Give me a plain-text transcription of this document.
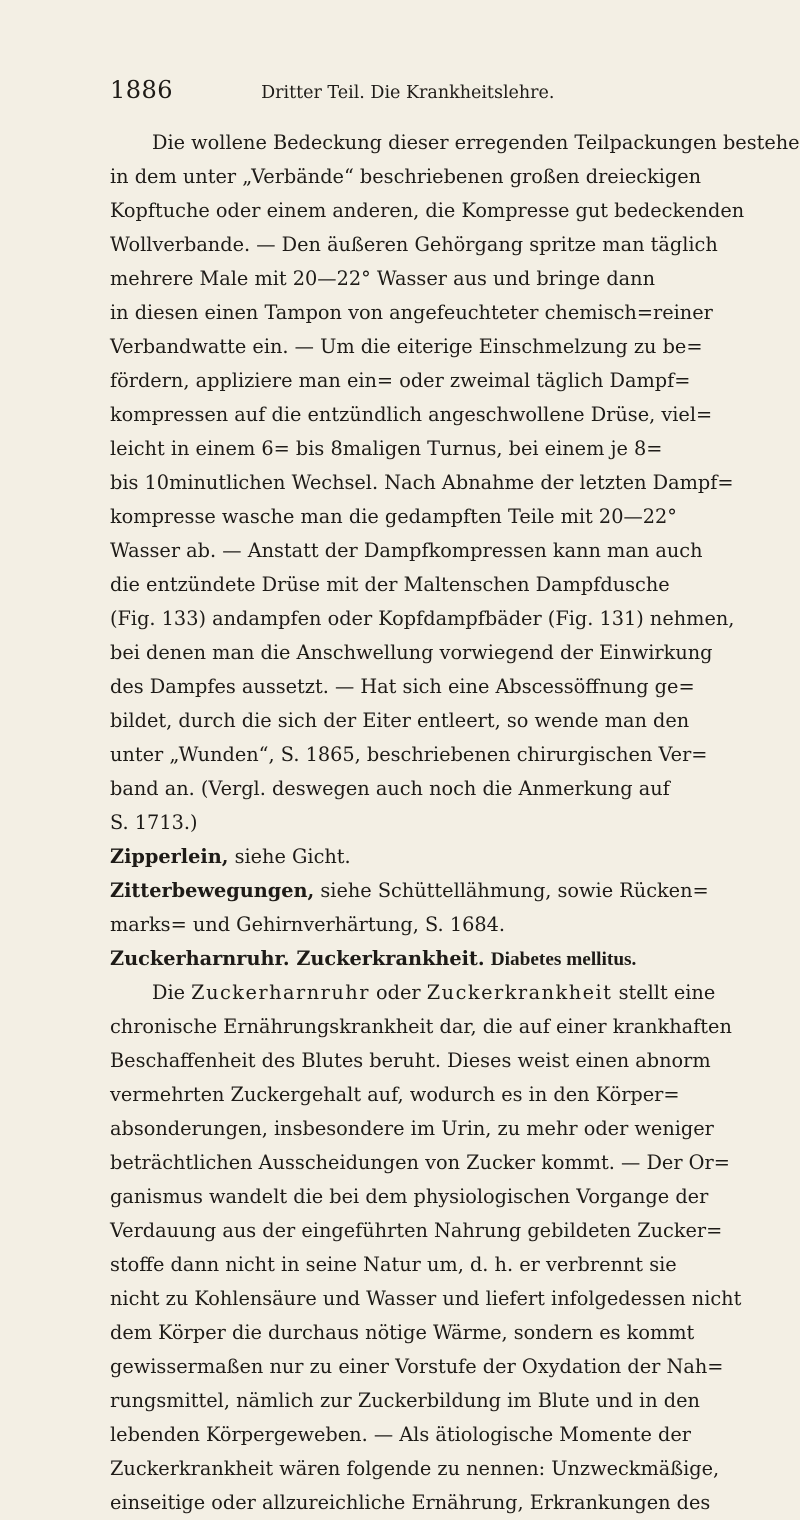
1886	Dritter Teil. Die Krankheitslehre.
Die wollene Bedeckung dieser erregenden Teilpackungen bestehe
in dem unter „Verbände“ beschriebenen großen dreieckigen
Kopftuche oder einem anderen, die Kompresse gut bedeckenden
Wollverbande. — Den äußeren Gehörgang spritze man täglich
mehrere Male mit 20—22° Wasser aus und bringe dann
in diesen einen Tampon von angefeuchteter chemisch=reiner
Verbandwatte ein. — Um die eiterige Einschmelzung zu be=
fördern, appliziere man ein= oder zweimal täglich Dampf=
kompressen auf die entzündlich angeschwollene Drüse, viel=
leicht in einem 6= bis 8maligen Turnus, bei einem je 8=
bis 10minutlichen Wechsel. Nach Abnahme der letzten Dampf=
kompresse wasche man die gedampften Teile mit 20—22°
Wasser ab. — Anstatt der Dampfkompressen kann man auch
die entzündete Drüse mit der Maltenschen Dampfdusche
(Fig. 133) andampfen oder Kopfdampfbäder (Fig. 131) nehmen,
bei denen man die Anschwellung vorwiegend der Einwirkung
des Dampfes aussetzt. — Hat sich eine Abscessöffnung ge=
bildet, durch die sich der Eiter entleert, so wende man den
unter „Wunden“, S. 1865, beschriebenen chirurgischen Ver=
band an. (Vergl. deswegen auch noch die Anmerkung auf
S. 1713.)
Zipperlein, siehe Gicht.
Zitterbewegungen, siehe Schüttellähmung, sowie Rücken=
marks= und Gehirnverhärtung, S. 1684.
Zuckerharnruhr. Zuckerkrankheit. Diabetes mellitus.
Die Zuckerharnruhr oder Zuckerkrankheit stellt eine
chronische Ernährungskrankheit dar, die auf einer krankhaften
Beschaffenheit des Blutes beruht. Dieses weist einen abnorm
vermehrten Zuckergehalt auf, wodurch es in den Körper=
absonderungen, insbesondere im Urin, zu mehr oder weniger
beträchtlichen Ausscheidungen von Zucker kommt. — Der Or=
ganismus wandelt die bei dem physiologischen Vorgange der
Verdauung aus der eingeführten Nahrung gebildeten Zucker=
stoffe dann nicht in seine Natur um, d. h. er verbrennt sie
nicht zu Kohlensäure und Wasser und liefert infolgedessen nicht
dem Körper die durchaus nötige Wärme, sondern es kommt
gewissermaßen nur zu einer Vorstufe der Oxydation der Nah=
rungsmittel, nämlich zur Zuckerbildung im Blute und in den
lebenden Körpergeweben. — Als ätiologische Momente der
Zuckerkrankheit wären folgende zu nennen: Unzweckmäßige,
einseitige oder allzureichliche Ernährung, Erkrankungen des
